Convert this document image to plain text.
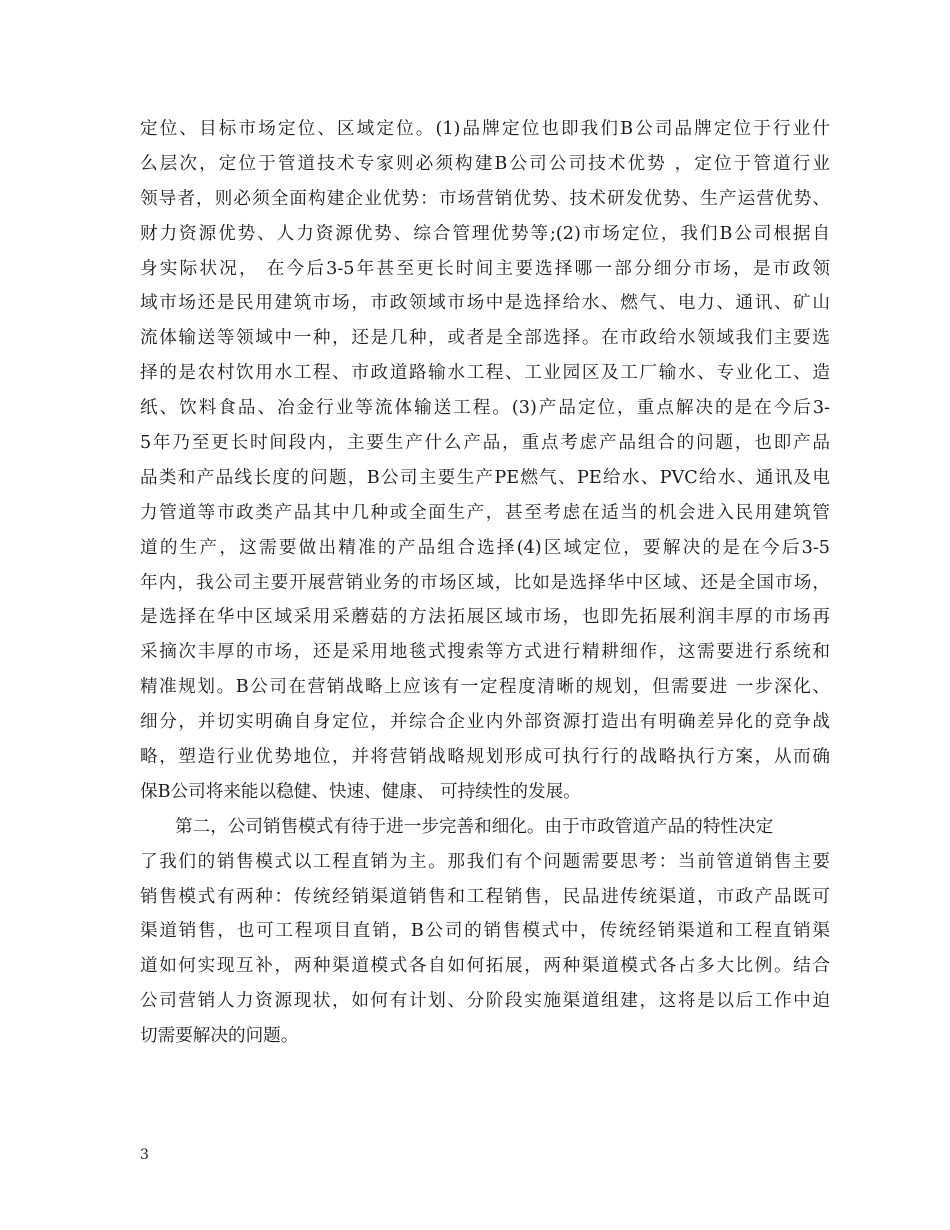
定位、目标市场定位、区域定位。(1)品牌定位也即我们B公司品牌定位于行业什
么层次，定位于管道技术专家则必须构建B公司公司技术优势 ，定位于管道行业
领导者，则必须全面构建企业优势：市场营销优势、技术研发优势、生产运营优势、
财力资源优势、人力资源优势、综合管理优势等;(2)市场定位，我们B公司根据自
身实际状况， 在今后3-5年甚至更长时间主要选择哪一部分细分市场，是市政领
域市场还是民用建筑市场，市政领域市场中是选择给水、燃气、电力、通讯、矿山
流体输送等领域中一种，还是几种，或者是全部选择。在市政给水领域我们主要选
择的是农村饮用水工程、市政道路输水工程、工业园区及工厂输水、专业化工、造
纸、饮料食品、冶金行业等流体输送工程。(3)产品定位，重点解决的是在今后3-
5年乃至更长时间段内，主要生产什么产品，重点考虑产品组合的问题，也即产品
品类和产品线长度的问题，B公司主要生产PE燃气、PE给水、PVC给水、通讯及电
力管道等市政类产品其中几种或全面生产，甚至考虑在适当的机会进入民用建筑管
道的生产，这需要做出精准的产品组合选择(4)区域定位，要解决的是在今后3-5
年内，我公司主要开展营销业务的市场区域，比如是选择华中区域、还是全国市场，
是选择在华中区域采用采蘑菇的方法拓展区域市场，也即先拓展利润丰厚的市场再
采摘次丰厚的市场，还是采用地毯式搜索等方式进行精耕细作，这需要进行系统和
精准规划。B公司在营销战略上应该有一定程度清晰的规划，但需要进 一步深化、
细分，并切实明确自身定位，并综合企业内外部资源打造出有明确差异化的竞争战
略，塑造行业优势地位，并将营销战略规划形成可执行行的战略执行方案，从而确
保B公司将来能以稳健、快速、健康、 可持续性的发展。
第二，公司销售模式有待于进一步完善和细化。由于市政管道产品的特性决定
了我们的销售模式以工程直销为主。那我们有个问题需要思考：当前管道销售主要
销售模式有两种：传统经销渠道销售和工程销售，民品进传统渠道，市政产品既可
渠道销售，也可工程项目直销，B公司的销售模式中，传统经销渠道和工程直销渠
道如何实现互补，两种渠道模式各自如何拓展，两种渠道模式各占多大比例。结合
公司营销人力资源现状，如何有计划、分阶段实施渠道组建，这将是以后工作中迫
切需要解决的问题。
3
